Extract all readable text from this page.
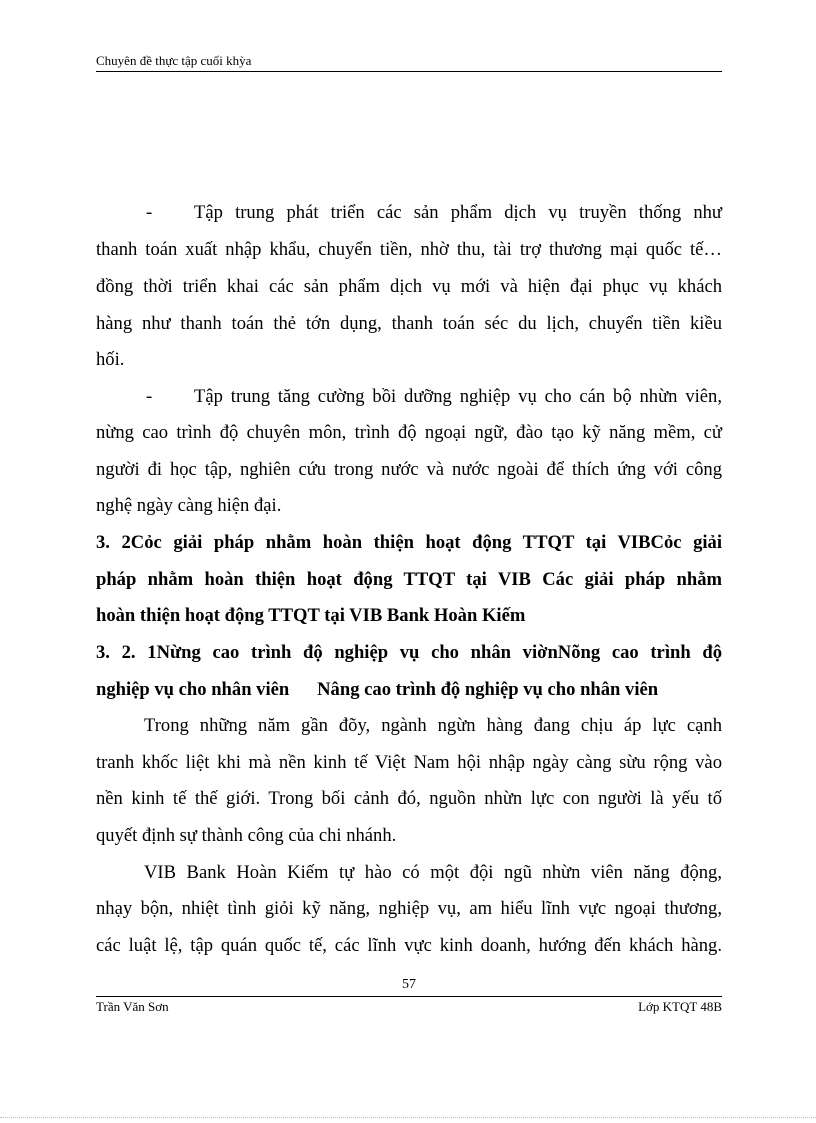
Chuyên đề thực tập cuối khỳa
- Tập trung phát triển các sản phẩm dịch vụ truyền thống như
thanh toán xuất nhập khẩu, chuyển tiền, nhờ thu, tài trợ thương mại quốc tế…
đồng thời triển khai các sản phẩm dịch vụ mới và hiện đại phục vụ khách
hàng như thanh toán thẻ tớn dụng, thanh toán séc du lịch, chuyển tiền kiều
hối.
- Tập trung tăng cường bồi dưỡng nghiệp vụ cho cán bộ nhừn viên,
nừng cao trình độ chuyên môn, trình độ ngoại ngữ, đào tạo kỹ năng mềm, cử
người đi học tập, nghiên cứu trong nước và nước ngoài để thích ứng với công
nghệ ngày càng hiện đại.
3. 2Cỏc giải pháp nhằm hoàn thiện hoạt động TTQT tại VIBCỏc giải
pháp nhằm hoàn thiện hoạt động TTQT tại VIB Các giải pháp nhằm
hoàn thiện hoạt động TTQT tại VIB Bank Hoàn Kiếm
3. 2. 1Nừng cao trình độ nghiệp vụ cho nhân viờnNõng cao trình độ
nghiệp vụ cho nhân viên      Nâng cao trình độ nghiệp vụ cho nhân viên
Trong những năm gần đõy, ngành ngừn hàng đang chịu áp lực cạnh
tranh khốc liệt khi mà nền kinh tế Việt Nam hội nhập ngày càng sừu rộng vào
nền kinh tế thế giới. Trong bối cảnh đó, nguồn nhừn lực con người là yếu tố
quyết định sự thành công của chi nhánh.
VIB Bank Hoàn Kiếm tự hào có một đội ngũ nhừn viên năng động,
nhạy bộn, nhiệt tình giỏi kỹ năng, nghiệp vụ, am hiểu lĩnh vực ngoại thương,
các luật lệ, tập quán quốc tế, các lĩnh vực kinh doanh, hướng đến khách hàng.
57
Trần Văn Sơn	Lớp KTQT 48B
